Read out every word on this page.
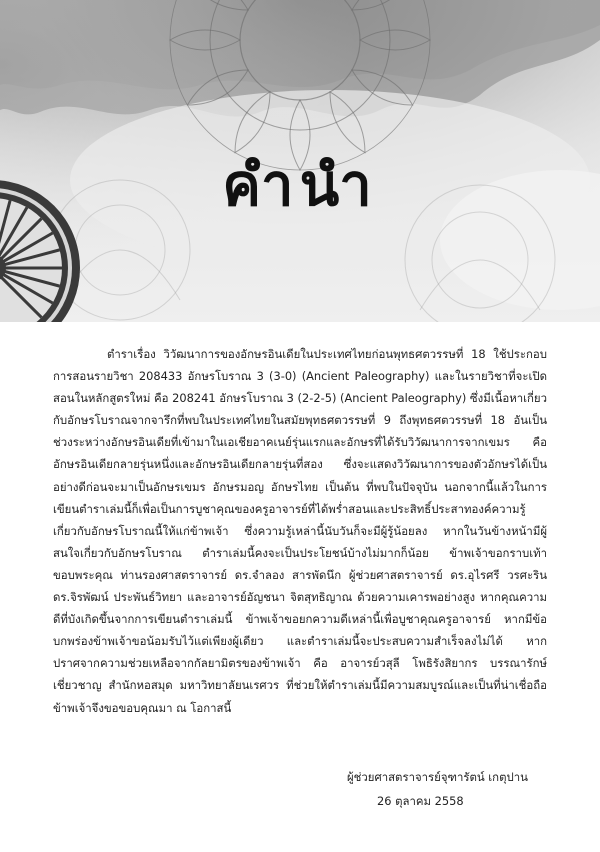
คำนำ
ตำราเรื่อง วิวัฒนาการของอักษรอินเดียในประเทศไทยก่อนพุทธศตวรรษที่ 18 ใช้ประกอบการสอนรายวิชา 208433 อักษรโบราณ 3 (3-0) (Ancient Paleography) และในรายวิชาที่จะเปิดสอนในหลักสูตรใหม่ คือ 208241 อักษรโบราณ 3 (2-2-5) (Ancient Paleography) ซึ่งมีเนื้อหาเกี่ยวกับอักษรโบราณจากจารึกที่พบในประเทศไทยในสมัยพุทธศตวรรษที่ 9 ถึงพุทธศตวรรษที่ 18 อันเป็นช่วงระหว่างอักษรอินเดียที่เข้ามาในเอเชียอาคเนย์รุ่นแรกและอักษรที่ได้รับวิวัฒนาการจากเขมร คือ อักษรอินเดียกลายรุ่นหนึ่งและอักษรอินเดียกลายรุ่นที่สอง ซึ่งจะแสดงวิวัฒนาการของตัวอักษรได้เป็นอย่างดีก่อนจะมาเป็นอักษรเขมร อักษรมอญ อักษรไทย เป็นต้น ที่พบในปัจจุบัน นอกจากนี้แล้วในการเขียนตำราเล่มนี้ก็เพื่อเป็นการบูชาคุณของครูอาจารย์ที่ได้พร่ำสอนและประสิทธิ์ประสาทองค์ความรู้เกี่ยวกับอักษรโบราณนี้ให้แก่ข้าพเจ้า ซึ่งความรู้เหล่านี้นับวันก็จะมีผู้รู้น้อยลง หากในวันข้างหน้ามีผู้สนใจเกี่ยวกับอักษรโบราณ ตำราเล่มนี้คงจะเป็นประโยชน์บ้างไม่มากก็น้อย ข้าพเจ้าขอกราบเท้าขอบพระคุณ ท่านรองศาสตราจารย์ ดร.จำลอง สารพัดนึก ผู้ช่วยศาสตราจารย์ ดร.อุไรศรี วรศะริน ดร.จิรพัฒน์ ประพันธ์วิทยา และอาจารย์อัญชนา จิตสุทธิญาณ ด้วยความเคารพอย่างสูง หากคุณความดีที่บังเกิดขึ้นจากการเขียนตำราเล่มนี้ ข้าพเจ้าขอยกความดีเหล่านี้เพื่อบูชาคุณครูอาจารย์ หากมีข้อบกพร่องข้าพเจ้าขอน้อมรับไว้แต่เพียงผู้เดียว และตำราเล่มนี้จะประสบความสำเร็จลงไม่ได้ หากปราศจากความช่วยเหลือจากกัลยามิตรของข้าพเจ้า คือ อาจารย์วสุลี โพธิรังสิยากร บรรณารักษ์เชี่ยวชาญ สำนักหอสมุด มหาวิทยาลัยนเรศวร ที่ช่วยให้ตำราเล่มนี้มีความสมบูรณ์และเป็นที่น่าเชื่อถือ ข้าพเจ้าจึงขอขอบคุณมา ณ โอกาสนี้
ผู้ช่วยศาสตราจารย์จุฑารัตน์ เกตุปาน
26 ตุลาคม 2558
